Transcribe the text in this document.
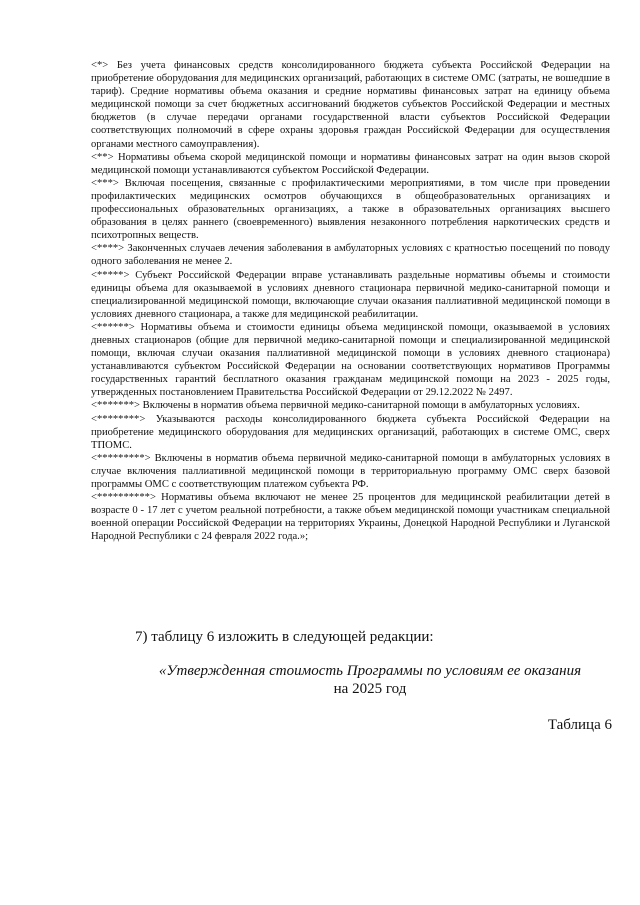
<*> Без учета финансовых средств консолидированного бюджета субъекта Российской Федерации на приобретение оборудования для медицинских организаций, работающих в системе ОМС (затраты, не вошедшие в тариф). Средние нормативы объема оказания и средние нормативы финансовых затрат на единицу объема медицинской помощи за счет бюджетных ассигнований бюджетов субъектов Российской Федерации и местных бюджетов (в случае передачи органами государственной власти субъектов Российской Федерации соответствующих полномочий в сфере охраны здоровья граждан Российской Федерации для осуществления органами местного самоуправления).

<**> Нормативы объема скорой медицинской помощи и нормативы финансовых затрат на один вызов скорой медицинской помощи устанавливаются субъектом Российской Федерации.

<***> Включая посещения, связанные с профилактическими мероприятиями, в том числе при проведении профилактических медицинских осмотров обучающихся в общеобразовательных организациях и профессиональных образовательных организациях, а также в образовательных организациях высшего образования в целях раннего (своевременного) выявления незаконного потребления наркотических средств и психотропных веществ.

<****> Законченных случаев лечения заболевания в амбулаторных условиях с кратностью посещений по поводу одного заболевания не менее 2.

<*****> Субъект Российской Федерации вправе устанавливать раздельные нормативы объемы и стоимости единицы объема для оказываемой в условиях дневного стационара первичной медико-санитарной помощи и специализированной медицинской помощи, включающие случаи оказания паллиативной медицинской помощи в условиях дневного стационара, а также для медицинской реабилитации.

<******> Нормативы объема и стоимости единицы объема медицинской помощи, оказываемой в условиях дневных стационаров (общие для первичной медико-санитарной помощи и специализированной медицинской помощи, включая случаи оказания паллиативной медицинской помощи в условиях дневного стационара) устанавливаются субъектом Российской Федерации на основании соответствующих нормативов Программы государственных гарантий бесплатного оказания гражданам медицинской помощи на 2023 - 2025 годы, утвержденных постановлением Правительства Российской Федерации от 29.12.2022 № 2497.

<*******> Включены в норматив объема первичной медико-санитарной помощи в амбулаторных условиях.

<********> Указываются расходы консолидированного бюджета субъекта Российской Федерации на приобретение медицинского оборудования для медицинских организаций, работающих в системе ОМС, сверх ТПОМС.

<*********> Включены в норматив объема первичной медико-санитарной помощи в амбулаторных условиях в случае включения паллиативной медицинской помощи в территориальную программу ОМС сверх базовой программы ОМС с соответствующим платежом субъекта РФ.

<**********> Нормативы объема включают не менее 25 процентов для медицинской реабилитации детей в возрасте 0 - 17 лет с учетом реальной потребности, а также объем медицинской помощи участникам специальной военной операции Российской Федерации на территориях Украины, Донецкой Народной Республики и Луганской Народной Республики с 24 февраля 2022 года.»;

7) таблицу 6 изложить в следующей редакции:
«Утвержденная стоимость Программы по условиям ее оказания
на 2025 год
Таблица 6
